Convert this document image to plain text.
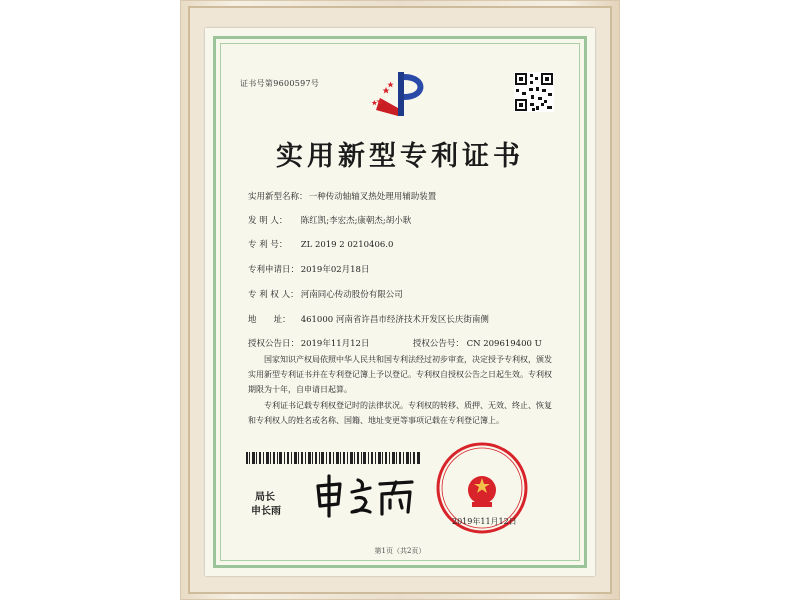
证书号第9600597号
实用新型专利证书
实用新型名称： 一种传动轴轴叉热处理用辅助装置
发 明 人： 陈红凯;李宏杰;康朝杰;胡小耿
专 利 号： ZL 2019 2 0210406.0
专利申请日： 2019年02月18日
专 利 权 人： 河南同心传动股份有限公司
地　　址： 461000 河南省许昌市经济技术开发区长庆街南侧
授权公告日： 2019年11月12日	授权公告号： CN 209619400 U
国家知识产权局依照中华人民共和国专利法经过初步审查，决定授予专利权，颁发实用新型专利证书并在专利登记簿上予以登记。专利权自授权公告之日起生效。专利权期限为十年，自申请日起算。
专利证书记载专利权登记时的法律状况。专利权的转移、质押、无效、终止、恢复和专利权人的姓名或名称、国籍、地址变更等事项记载在专利登记簿上。
局长
申长雨
2019年11月12日
第1页（共2页）
